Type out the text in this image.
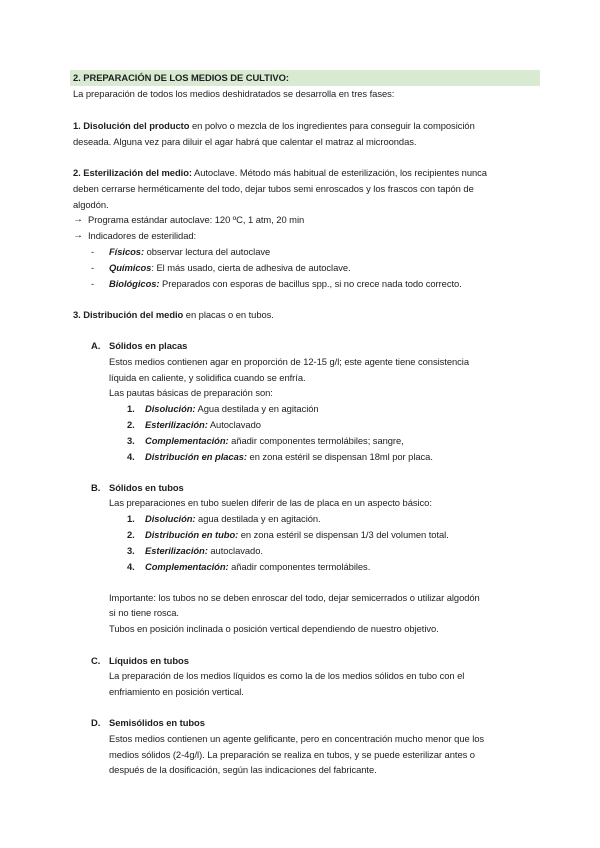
2. PREPARACIÓN DE LOS MEDIOS DE CULTIVO:
La preparación de todos los medios deshidratados se desarrolla en tres fases:
1. Disolución del producto en polvo o mezcla de los ingredientes para conseguir la composición
deseada. Alguna vez para diluir el agar habrá que calentar el matraz al microondas.
2. Esterilización del medio: Autoclave. Método más habitual de esterilización, los recipientes nunca
deben cerrarse herméticamente del todo, dejar tubos semi enroscados y los frascos con tapón de
algodón.
→ Programa estándar autoclave: 120 ºC, 1 atm, 20 min
→ Indicadores de esterilidad:
- Físicos: observar lectura del autoclave
- Químicos: El más usado, cierta de adhesiva de autoclave.
- Biológicos: Preparados con esporas de bacillus spp., si no crece nada todo correcto.
3. Distribución del medio en placas o en tubos.
A. Sólidos en placas
Estos medios contienen agar en proporción de 12-15 g/l; este agente tiene consistencia
líquida en caliente, y solidifica cuando se enfría.
Las pautas básicas de preparación son:
1. Disolución: Agua destilada y en agitación
2. Esterilización: Autoclavado
3. Complementación: añadir componentes termolábiles; sangre,
4. Distribución en placas: en zona estéril se dispensan 18ml por placa.
B. Sólidos en tubos
Las preparaciones en tubo suelen diferir de las de placa en un aspecto básico:
1. Disolución: agua destilada y en agitación.
2. Distribución en tubo: en zona estéril se dispensan 1/3 del volumen total.
3. Esterilización: autoclavado.
4. Complementación: añadir componentes termolábiles.
Importante: los tubos no se deben enroscar del todo, dejar semicerrados o utilizar algodón
si no tiene rosca.
Tubos en posición inclinada o posición vertical dependiendo de nuestro objetivo.
C. Líquidos en tubos
La preparación de los medios líquidos es como la de los medios sólidos en tubo con el
enfriamiento en posición vertical.
D. Semisólidos en tubos
Estos medios contienen un agente gelificante, pero en concentración mucho menor que los
medios sólidos (2-4g/l). La preparación se realiza en tubos, y se puede esterilizar antes o
después de la dosificación, según las indicaciones del fabricante.
